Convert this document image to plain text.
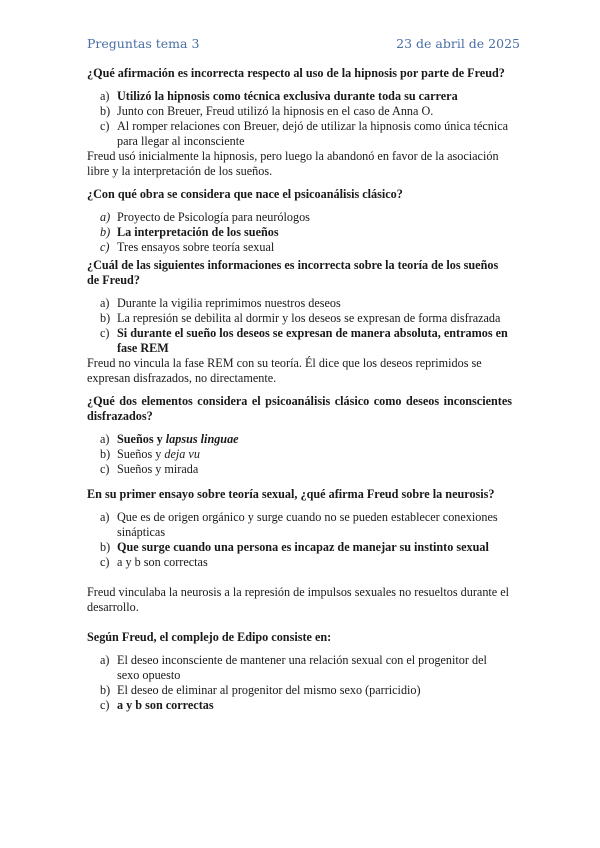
Preguntas tema 3	23 de abril de 2025

¿Qué afirmación es incorrecta respecto al uso de la hipnosis por parte de Freud?

a) Utilizó la hipnosis como técnica exclusiva durante toda su carrera
b) Junto con Breuer, Freud utilizó la hipnosis en el caso de Anna O.
c) Al romper relaciones con Breuer, dejó de utilizar la hipnosis como única técnica para llegar al inconsciente

Freud usó inicialmente la hipnosis, pero luego la abandonó en favor de la asociación libre y la interpretación de los sueños.

¿Con qué obra se considera que nace el psicoanálisis clásico?

a) Proyecto de Psicología para neurólogos
b) La interpretación de los sueños
c) Tres ensayos sobre teoría sexual

¿Cuál de las siguientes informaciones es incorrecta sobre la teoría de los sueños de Freud?

a) Durante la vigilia reprimimos nuestros deseos
b) La represión se debilita al dormir y los deseos se expresan de forma disfrazada
c) Si durante el sueño los deseos se expresan de manera absoluta, entramos en fase REM

Freud no vincula la fase REM con su teoría. Él dice que los deseos reprimidos se expresan disfrazados, no directamente.

¿Qué dos elementos considera el psicoanálisis clásico como deseos inconscientes disfrazados?

a) Sueños y lapsus linguae
b) Sueños y deja vu
c) Sueños y mirada

En su primer ensayo sobre teoría sexual, ¿qué afirma Freud sobre la neurosis?

a) Que es de origen orgánico y surge cuando no se pueden establecer conexiones sinápticas
b) Que surge cuando una persona es incapaz de manejar su instinto sexual
c) a y b son correctas

Freud vinculaba la neurosis a la represión de impulsos sexuales no resueltos durante el desarrollo.

Según Freud, el complejo de Edipo consiste en:

a) El deseo inconsciente de mantener una relación sexual con el progenitor del sexo opuesto
b) El deseo de eliminar al progenitor del mismo sexo (parricidio)
c) a y b son correctas
